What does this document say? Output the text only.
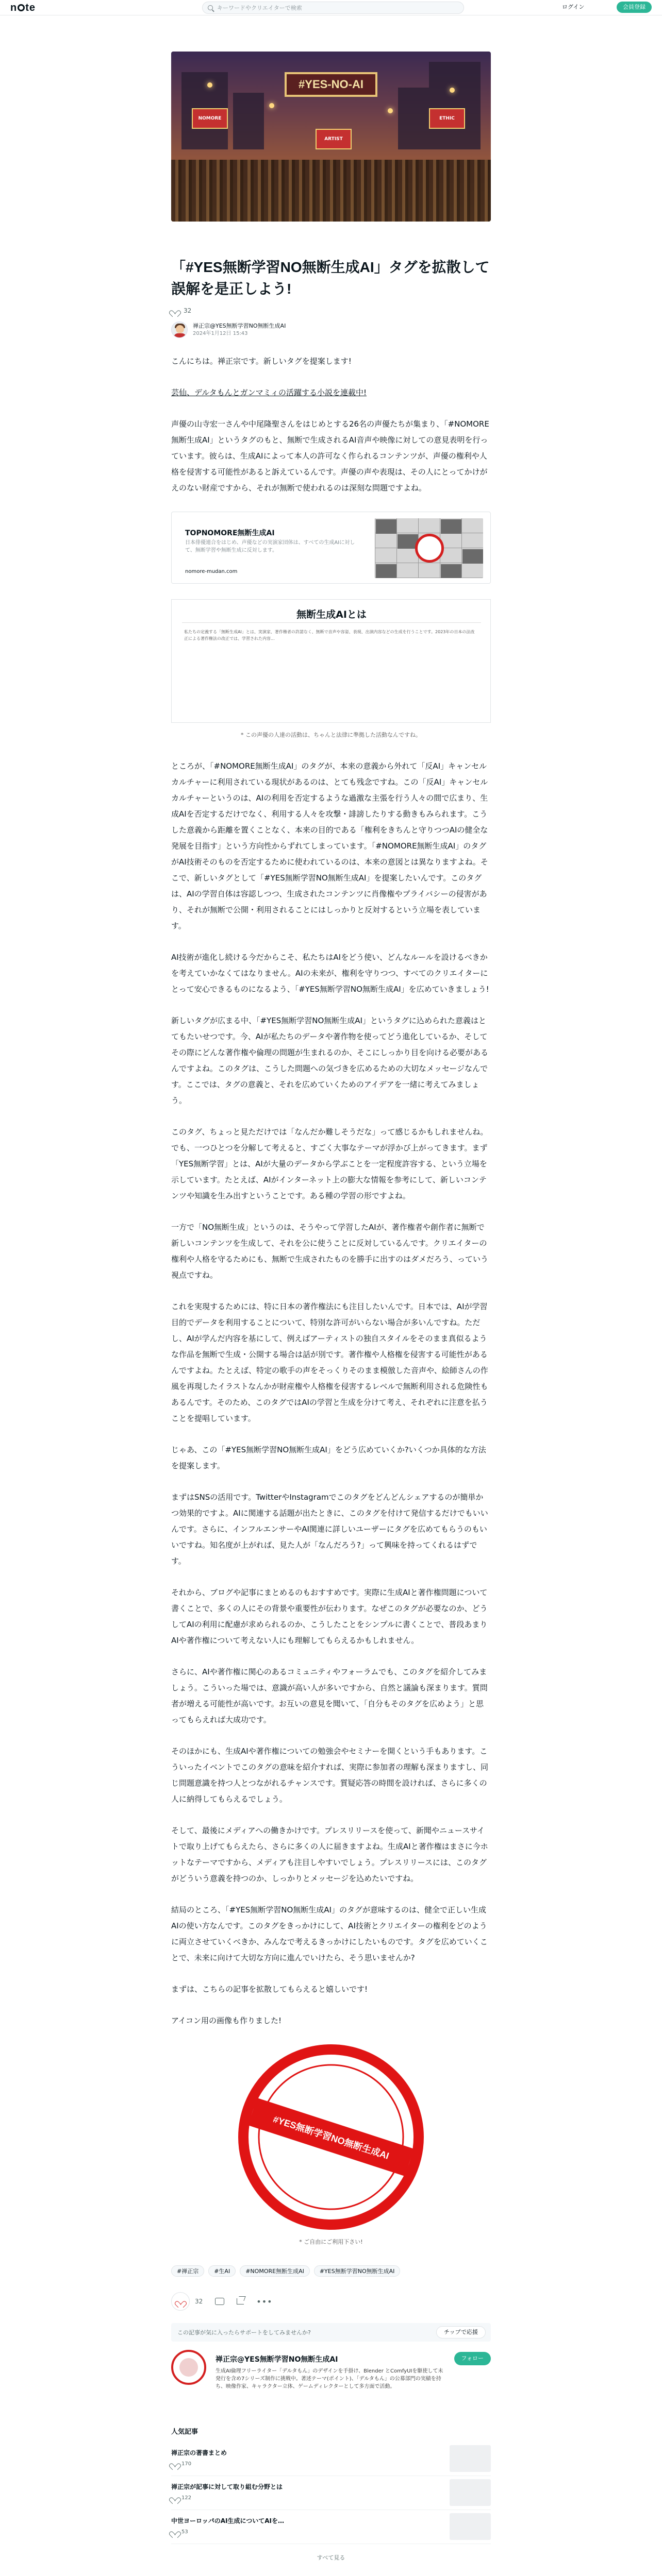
n te	キーワードやクリエイターで検索	ログイン	会員登録
#YES-NO-AI
NOMORE	ETHIC
ARTIST
「#YES無断学習NO無断生成AI」タグを拡散して誤解を是正しよう!
32
禅正宗@YES無断学習NO無断生成AI
2024年1月12日 15:43

こんにちは。禅正宗です。新しいタグを提案します!

芸仙、デルタもんとガンマミィの活躍する小説を連載中!

声優の山寺宏一さんや中尾隆聖さんをはじめとする26名の声優たちが集まり、「#NOMORE無断生成AI」というタグのもと、無断で生成されるAI音声や映像に対しての意見表明を行っています。彼らは、生成AIによって本人の許可なく作られるコンテンツが、声優の権利や人格を侵害する可能性があると訴えているんです。声優の声や表現は、その人にとってかけがえのない財産ですから、それが無断で使われるのは深刻な問題ですよね。

TOPNOMORE無断生成AI
日本俳優連合をはじめ、声優などの実演家団体は、すべての生成AIに対して、無断学習や無断生成に反対します。
nomore-mudan.com
無断生成AIとは
私たちの定義する「無断生成AI」とは、実演家、著作権者の許諾なく、無断で音声や容姿、表現、出演内容などの生成を行うことです。2023年の日本の法改正による著作権法の改正では、学習された内容...
* この声優の人達の活動は、ちゃんと法律に準拠した活動なんですね。

ところが、「#NOMORE無断生成AI」のタグが、本来の意義から外れて「反AI」キャンセルカルチャーに利用されている現状があるのは、とても残念ですね。この「反AI」キャンセルカルチャーというのは、AIの利用を否定するような過激な主張を行う人々の間で広まり、生成AIを否定するだけでなく、利用する人々を攻撃・誹謗したりする動きもみられます。こうした意義から距離を置くことなく、本来の目的である「権利をきちんと守りつつAIの健全な発展を目指す」という方向性からずれてしまっています。「#NOMORE無断生成AI」のタグがAI技術そのものを否定するために使われているのは、本来の意図とは異なりますよね。そこで、新しいタグとして「#YES無断学習NO無断生成AI」を提案したいんです。このタグは、AIの学習自体は容認しつつ、生成されたコンテンツに肖像権やプライバシーの侵害があり、それが無断で公開・利用されることにはしっかりと反対するという立場を表しています。

AI技術が進化し続ける今だからこそ、私たちはAIをどう使い、どんなルールを設けるべきかを考えていかなくてはなりません。AIの未来が、権利を守りつつ、すべてのクリエイターにとって安心できるものになるよう、「#YES無断学習NO無断生成AI」を広めていきましょう!

新しいタグが広まる中、「#YES無断学習NO無断生成AI」というタグに込められた意義はとてもたいせつです。今、AIが私たちのデータや著作物を使ってどう進化しているか、そしてその際にどんな著作権や倫理の問題が生まれるのか、そこにしっかり目を向ける必要があるんですよね。このタグは、こうした問題への気づきを広めるための大切なメッセージなんです。ここでは、タグの意義と、それを広めていくためのアイデアを一緒に考えてみましょう。

このタグ、ちょっと見ただけでは「なんだか難しそうだな」って感じるかもしれませんね。でも、一つひとつを分解して考えると、すごく大事なテーマが浮かび上がってきます。まず「YES無断学習」とは、AIが大量のデータから学ぶことを一定程度許容する、という立場を示しています。たとえば、AIがインターネット上の膨大な情報を参考にして、新しいコンテンツや知識を生み出すということです。ある種の学習の形ですよね。

一方で「NO無断生成」というのは、そうやって学習したAIが、著作権者や創作者に無断で新しいコンテンツを生成して、それを公に使うことに反対しているんです。クリエイターの権利や人格を守るためにも、無断で生成されたものを勝手に出すのはダメだろう、っていう視点ですね。

これを実現するためには、特に日本の著作権法にも注目したいんです。日本では、AIが学習目的でデータを利用することについて、特別な許可がいらない場合が多いんですね。ただし、AIが学んだ内容を基にして、例えばアーティストの独自スタイルをそのまま真似るような作品を無断で生成・公開する場合は話が別です。著作権や人格権を侵害する可能性があるんですよね。たとえば、特定の歌手の声をそっくりそのまま模倣した音声や、絵師さんの作風を再現したイラストなんかが財産権や人格権を侵害するレベルで無断利用される危険性もあるんです。そのため、このタグではAIの学習と生成を分けて考え、それぞれに注意を払うことを提唱しています。

じゃあ、この「#YES無断学習NO無断生成AI」をどう広めていくか?いくつか具体的な方法を提案します。

まずはSNSの活用です。TwitterやInstagramでこのタグをどんどんシェアするのが簡単かつ効果的ですよ。AIに関連する話題が出たときに、このタグを付けて発信するだけでもいいんです。さらに、インフルエンサーやAI関連に詳しいユーザーにタグを広めてもらうのもいいですね。知名度が上がれば、見た人が「なんだろう?」って興味を持ってくれるはずです。

それから、ブログや記事にまとめるのもおすすめです。実際に生成AIと著作権問題について書くことで、多くの人にその背景や重要性が伝わります。なぜこのタグが必要なのか、どうしてAIの利用に配慮が求められるのか、こうしたことをシンプルに書くことで、普段あまりAIや著作権について考えない人にも理解してもらえるかもしれません。

さらに、AIや著作権に関心のあるコミュニティやフォーラムでも、このタグを紹介してみましょう。こういった場では、意識が高い人が多いですから、自然と議論も深まります。質問者が増える可能性が高いです。お互いの意見を聞いて、「自分もそのタグを広めよう」と思ってもらえれば大成功です。

そのほかにも、生成AIや著作権についての勉強会やセミナーを開くという手もあります。こういったイベントでこのタグの意味を紹介すれば、実際に参加者の理解も深まりますし、同じ問題意識を持つ人とつながれるチャンスです。質疑応答の時間を設ければ、さらに多くの人に納得してもらえるでしょう。

そして、最後にメディアへの働きかけです。プレスリリースを使って、新聞やニュースサイトで取り上げてもらえたら、さらに多くの人に届きますよね。生成AIと著作権はまさに今ホットなテーマですから、メディアも注目しやすいでしょう。プレスリリースには、このタグがどういう意義を持つのか、しっかりとメッセージを込めたいですね。

結局のところ、「#YES無断学習NO無断生成AI」のタグが意味するのは、健全で正しい生成AIの使い方なんです。このタグをきっかけにして、AI技術とクリエイターの権利をどのように両立させていくべきか、みんなで考えるきっかけにしたいものです。タグを広めていくことで、未来に向けて大切な方向に進んでいけたら、そう思いませんか?

まずは、こちらの記事を拡散してもらえると嬉しいです!

アイコン用の画像も作りました!

#YES無断学習NO無断生成AI
* ご自由にご利用下さい!
#禅正宗	#生AI	#NOMORE無断生成AI	#YES無断学習NO無断生成AI
32	•••
この記事が気に入ったらサポートをしてみませんか?	チップで応援
禅正宗@YES無断学習NO無断生成AI
生成AI倫理フリーライター「デルタもん」のデザインを手掛け、Blender とComfyUIを駆使して未発行を含め7シリーズ制作に挑戦中。著述テーマ(ポイント)、「デルタもん」の公募部門の実績を持ち、映像作家、キャラクター立体、ゲームディレクターとして多方面で活動。
フォロー
人気記事
禅正宗の著書まとめ
170
禅正宗が記事に対して取り組む分野とは
122
中世ヨーロッパのAI生成についてAIを…
53
すべて見る
